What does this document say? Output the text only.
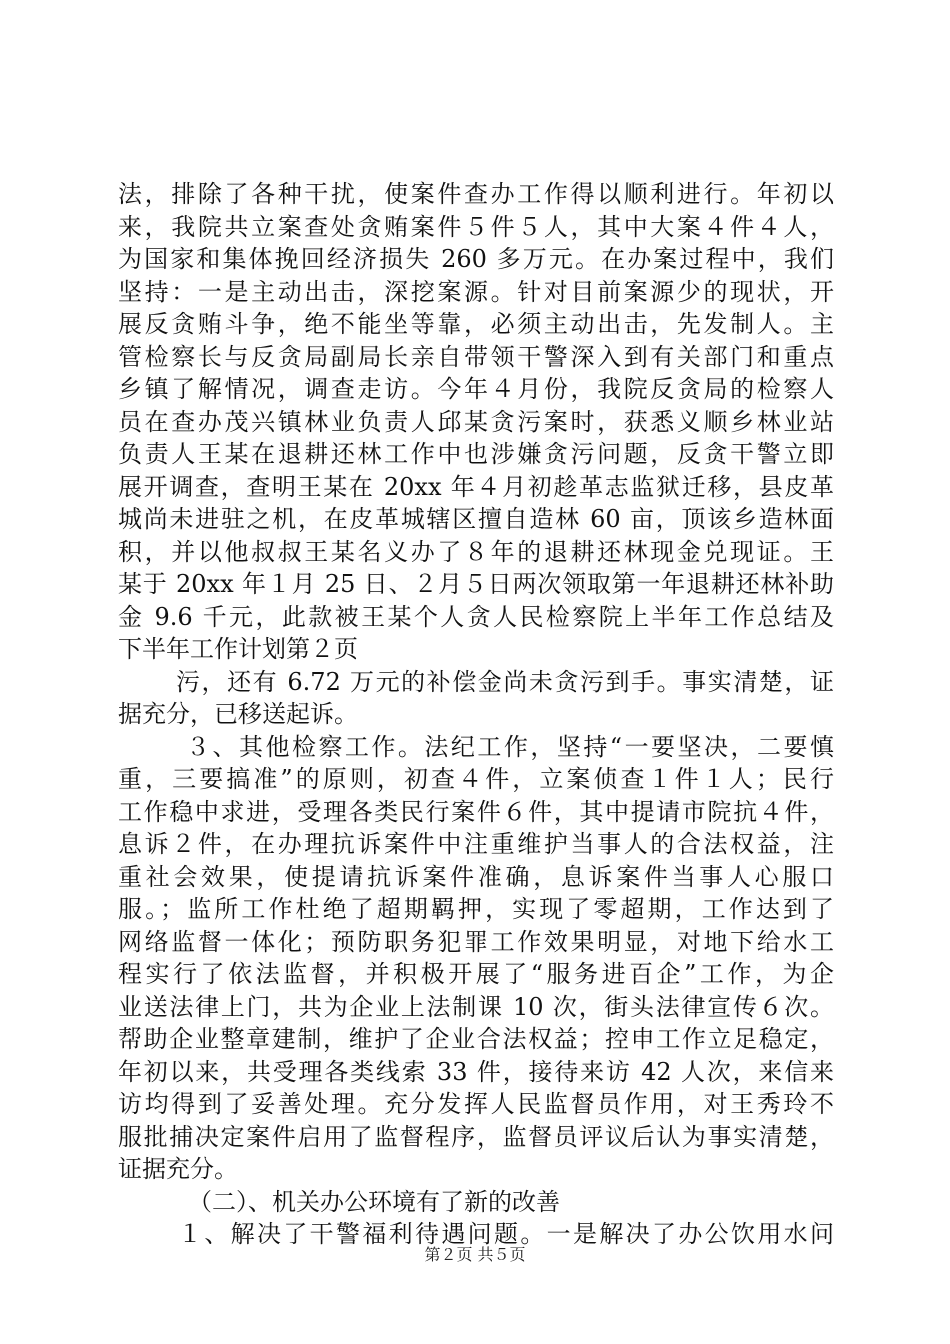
法，排除了各种干扰，使案件查办工作得以顺利进行。年初以
来，我院共立案查处贪贿案件５件５人，其中大案４件４人，
为国家和集体挽回经济损失 260 多万元。在办案过程中，我们
坚持：一是主动出击，深挖案源。针对目前案源少的现状，开
展反贪贿斗争，绝不能坐等靠，必须主动出击，先发制人。主
管检察长与反贪局副局长亲自带领干警深入到有关部门和重点
乡镇了解情况，调查走访。今年４月份，我院反贪局的检察人
员在查办茂兴镇林业负责人邱某贪污案时，获悉义顺乡林业站
负责人王某在退耕还林工作中也涉嫌贪污问题，反贪干警立即
展开调查，查明王某在 20xx 年４月初趁革志监狱迁移，县皮革
城尚未进驻之机，在皮革城辖区擅自造林 60 亩，顶该乡造林面
积，并以他叔叔王某名义办了８年的退耕还林现金兑现证。王
某于 20xx 年１月 25 日、２月５日两次领取第一年退耕还林补助
金 9.6 千元，此款被王某个人贪人民检察院上半年工作总结及
下半年工作计划第２页
污，还有 6.72 万元的补偿金尚未贪污到手。事实清楚，证
据充分，已移送起诉。
３、其他检察工作。法纪工作，坚持“一要坚决，二要慎
重，三要搞准”的原则，初查４件，立案侦查１件１人；民行
工作稳中求进，受理各类民行案件６件，其中提请市院抗４件，
息诉２件，在办理抗诉案件中注重维护当事人的合法权益，注
重社会效果，使提请抗诉案件准确，息诉案件当事人心服口
服。；监所工作杜绝了超期羁押，实现了零超期，工作达到了
网络监督一体化；预防职务犯罪工作效果明显，对地下给水工
程实行了依法监督，并积极开展了“服务进百企”工作，为企
业送法律上门，共为企业上法制课 10 次，街头法律宣传６次。
帮助企业整章建制，维护了企业合法权益；控申工作立足稳定，
年初以来，共受理各类线索 33 件，接待来访 42 人次，来信来
访均得到了妥善处理。充分发挥人民监督员作用，对王秀玲不
服批捕决定案件启用了监督程序，监督员评议后认为事实清楚，
证据充分。
（二）、机关办公环境有了新的改善
１、解决了干警福利待遇问题。一是解决了办公饮用水问
第２页 共５页
